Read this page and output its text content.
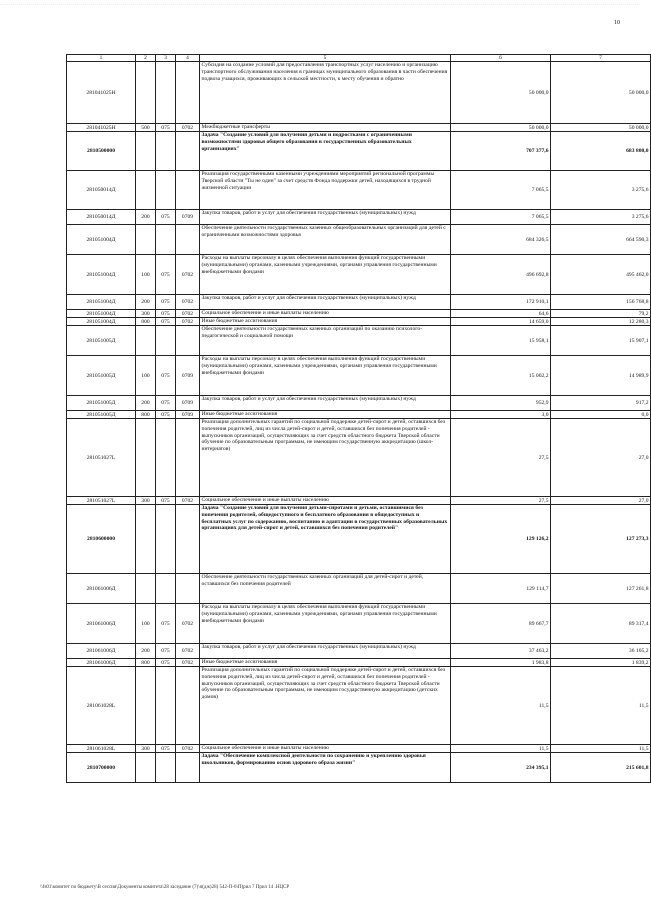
10
1	2	3	4	5	6	7
281041025Н				Субсидия на создание условий для предоставления транспортных услуг населению и организацию транспортного обслуживания населения в границах муниципального образования в части обеспечения подвоза учащихся, проживающих в сельской местности, к месту обучения и обратно	50 000,0	50 000,0
281041025Н	500	075	0702	Межбюджетные трансферты	50 000,0	50 000,0
2810500000				Задача "Создание условий для получения детьми и подростками с ограниченными возможностями здоровья общего образования в государственных образовательных организациях"	707 377,6	683 800,0
281050014Д				Реализация государственными казенными учреждениями мероприятий региональной программы Тверской области "Ты не один" за счет средств Фонда поддержки детей, находящихся в трудной жизненной ситуации	7 065,5	3 275,6
281050014Д	200	075	0709	Закупка товаров, работ и услуг для обеспечения государственных (муниципальных) нужд	7 065,5	3 275,6
281051004Д				Обеспечение деятельности государственных казенных общеобразовательных организаций для детей с ограниченными возможностями здоровья	684 326,5	664 590,3
281051004Д	100	075	0702	Расходы на выплаты персоналу в целях обеспечения выполнения функций государственными (муниципальными) органами, казенными учреждениями, органами управления государственными внебюджетными фондами	496 692,8	495 462,0
281051004Д	200	075	0702	Закупка товаров, работ и услуг для обеспечения государственных (муниципальных) нужд	172 910,1	156 768,8
281051004Д	300	075	0702	Социальное обеспечение и иные выплаты населению	64,6	79,2
281051004Д	800	075	0702	Иные бюджетные ассигнования	14 659,0	12 280,3
281051005Д				Обеспечение деятельности государственных казенных организаций по оказанию психолого-педагогической и социальной помощи	15 958,1	15 907,1
281051005Д	100	075	0709	Расходы на выплаты персоналу в целях обеспечения выполнения функций государственными (муниципальными) органами, казенными учреждениями, органами управления государственными внебюджетными фондами	15 002,2	14 989,9
281051005Д	200	075	0709	Закупка товаров, работ и услуг для обеспечения государственных (муниципальных) нужд	952,9	917,2
281051005Д	800	075	0709	Иные бюджетные ассигнования	3,0	0,0
281051027L				Реализация дополнительных гарантий по социальной поддержке детей-сирот и детей, оставшихся без попечения родителей, лиц из числа детей-сирот и детей, оставшихся без попечения родителей - выпускников организаций, осуществляющих за счет средств областного бюджета Тверской области обучение по образовательным программам, не имеющим государственную аккредитацию (школ-интернатов)	27,5	27,0
281051027L	300	075	0702	Социальное обеспечение и иные выплаты населению	27,5	27,0
2810600000				Задача "Создание условий для получения детьми-сиротами и детьми, оставшимися без попечения родителей, общедоступного и бесплатного образования в общедоступных и бесплатных услуг по содержанию, воспитанию и адаптации в государственных образовательных организациях для детей-сирот и детей, оставшихся без попечения родителей"	129 126,2	127 273,3
281061006Д				Обеспечение деятельности государственных казенных организаций для детей-сирот и детей, оставшихся без попечения родителей	129 114,7	127 261,8
281061006Д	100	075	0702	Расходы на выплаты персоналу в целях обеспечения выполнения функций государственными (муниципальными) органами, казенными учреждениями, органами управления государственными внебюджетными фондами	89 667,7	89 317,4
281061006Д	200	075	0702	Закупка товаров, работ и услуг для обеспечения государственных (муниципальных) нужд	37 463,2	36 105,2
281061006Д	800	075	0702	Иные бюджетные ассигнования	1 983,8	1 839,2
281061028L				Реализация дополнительных гарантий по социальной поддержке детей-сирот и детей, оставшихся без попечения родителей, лиц из числа детей-сирот и детей, оставшихся без попечения родителей - выпускников организаций, осуществляющих за счет средств областного бюджета Тверской области обучение по образовательным программам, не имеющим государственную аккредитацию (детских домов)	11,5	11,5
281061028L	300	075	0702	Социальное обеспечение и иные выплаты населению	11,5	11,5
2810700000				Задача "Обеспечение комплексной деятельности по сохранению и укреплению здоровья школьников, формированию основ здорового образа жизни"	234 395,1	215 601,8
\\fs01\комитет по бюджету\В сессия\Документы комитета\28 заседание (7)\п(дж)28) 542-П-6\П)рил 7 Прил 14 .НЦСР
